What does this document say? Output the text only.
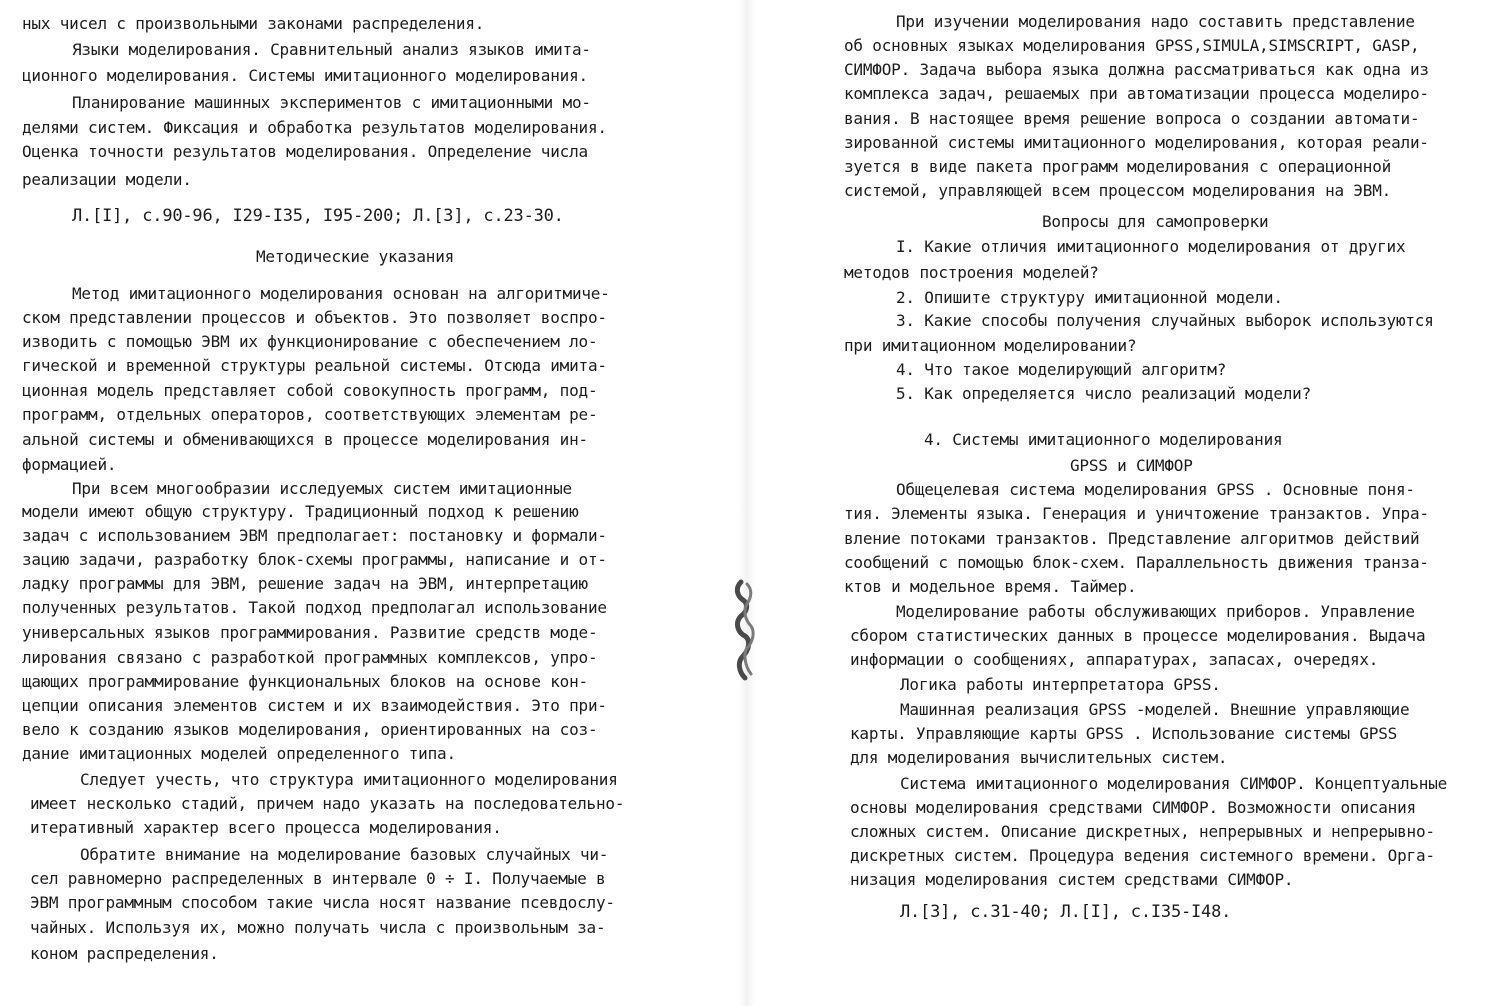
ных чисел с произвольными законами распределения.
Языки моделирования. Сравнительный анализ языков имита-
ционного моделирования. Системы имитационного моделирования.
Планирование машинных экспериментов с имитационными мо-
делями систем. Фиксация и обработка результатов моделирования.
Оценка точности результатов моделирования. Определение числа
реализации модели.
Л.[I], с.90-96, I29-I35, I95-200; Л.[3], с.23-30.
Методические указания
Метод имитационного моделирования основан на алгоритмиче-
ском представлении процессов и объектов. Это позволяет воспро-
изводить с помощью ЭВМ их функционирование с обеспечением ло-
гической и временной структуры реальной системы. Отсюда имита-
ционная модель представляет собой совокупность программ, под-
программ, отдельных операторов, соответствующих элементам ре-
альной системы и обменивающихся в процессе моделирования ин-
формацией.
При всем многообразии исследуемых систем имитационные
модели имеют общую структуру. Традиционный подход к решению
задач с использованием ЭВМ предполагает: постановку и формали-
зацию задачи, разработку блок-схемы программы, написание и от-
ладку программы для ЭВМ, решение задач на ЭВМ, интерпретацию
полученных результатов. Такой подход предполагал использование
универсальных языков программирования. Развитие средств моде-
лирования связано с разработкой программных комплексов, упро-
щающих программирование функциональных блоков на основе кон-
цепции описания элементов систем и их взаимодействия. Это при-
вело к созданию языков моделирования, ориентированных на соз-
дание имитационных моделей определенного типа.
Следует учесть, что структура имитационного моделирования
имеет несколько стадий, причем надо указать на последовательно-
итеративный характер всего процесса моделирования.
Обратите внимание на моделирование базовых случайных чи-
сел равномерно распределенных в интервале 0 ÷ I. Получаемые в
ЭВМ программным способом такие числа носят название псевдослу-
чайных. Используя их, можно получать числа с произвольным за-
коном распределения.
При изучении моделирования надо составить представление
об основных языках моделирования GPSS,SIMULA,SIMSCRIPT, GASP,
СИМФОР. Задача выбора языка должна рассматриваться как одна из
комплекса задач, решаемых при автоматизации процесса моделиро-
вания. В настоящее время решение вопроса о создании автомати-
зированной системы имитационного моделирования, которая реали-
зуется в виде пакета программ моделирования с операционной
системой, управляющей всем процессом моделирования на ЭВМ.
Вопросы для самопроверки
I. Какие отличия имитационного моделирования от других
методов построения моделей?
2. Опишите структуру имитационной модели.
3. Какие способы получения случайных выборок используются
при имитационном моделировании?
4. Что такое моделирующий алгоритм?
5. Как определяется число реализаций модели?
4. Системы имитационного моделирования
GPSS и СИМФОР
Общецелевая система моделирования GPSS . Основные поня-
тия. Элементы языка. Генерация и уничтожение транзактов. Упра-
вление потоками транзактов. Представление алгоритмов действий
сообщений с помощью блок-схем. Параллельность движения транза-
ктов и модельное время. Таймер.
Моделирование работы обслуживающих приборов. Управление
сбором статистических данных в процессе моделирования. Выдача
информации о сообщениях, аппаратурах, запасах, очередях.
Логика работы интерпретатора GPSS.
Машинная реализация GPSS -моделей. Внешние управляющие
карты. Управляющие карты GPSS . Использование системы GPSS
для моделирования вычислительных систем.
Система имитационного моделирования СИМФОР. Концептуальные
основы моделирования средствами СИМФОР. Возможности описания
сложных систем. Описание дискретных, непрерывных и непрерывно-
дискретных систем. Процедура ведения системного времени. Орга-
низация моделирования систем средствами СИМФОР.
Л.[3], с.31-40; Л.[I], с.I35-I48.
